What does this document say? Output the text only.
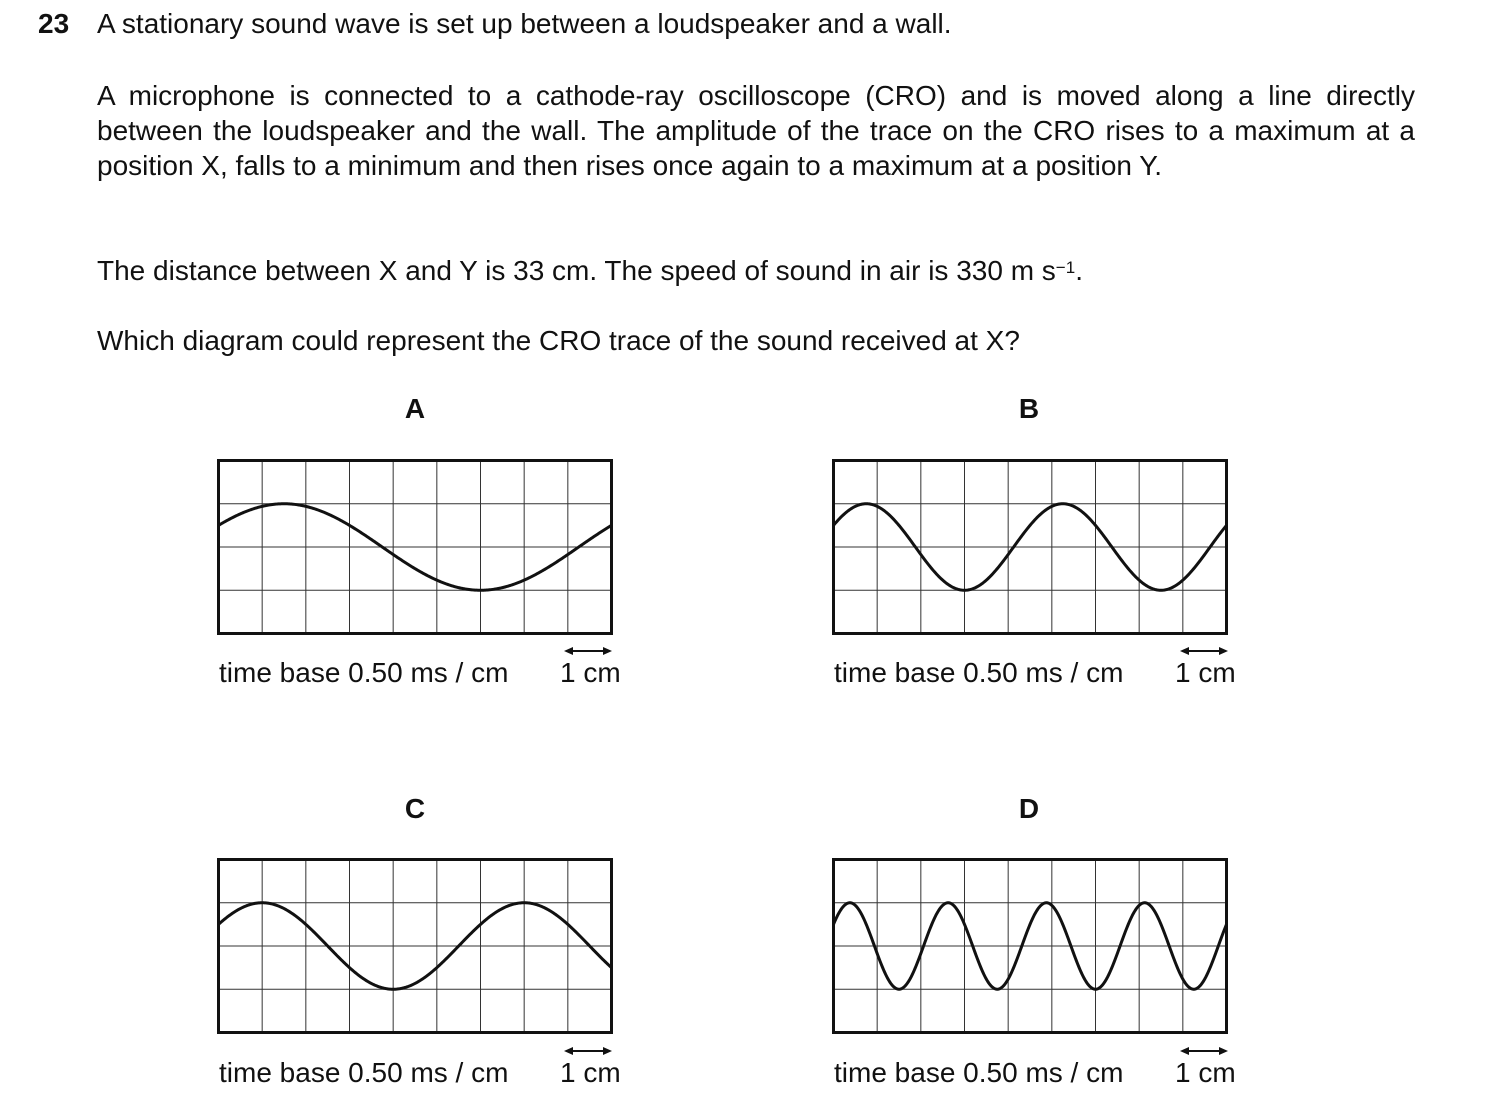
23 A stationary sound wave is set up between a loudspeaker and a wall.

A microphone is connected to a cathode-ray oscilloscope (CRO) and is moved along a line directly between the loudspeaker and the wall. The amplitude of the trace on the CRO rises to a maximum at a position X, falls to a minimum and then rises once again to a maximum at a position Y.

The distance between X and Y is 33 cm. The speed of sound in air is 330 m $s^{-1}$.

Which diagram could represent the CRO trace of the sound received at X?

A
time base 0.50 ms / cm 1 cm
B
time base 0.50 ms / cm 1 cm
C
time base 0.50 ms / cm 1 cm
D
time base 0.50 ms / cm 1 cm
